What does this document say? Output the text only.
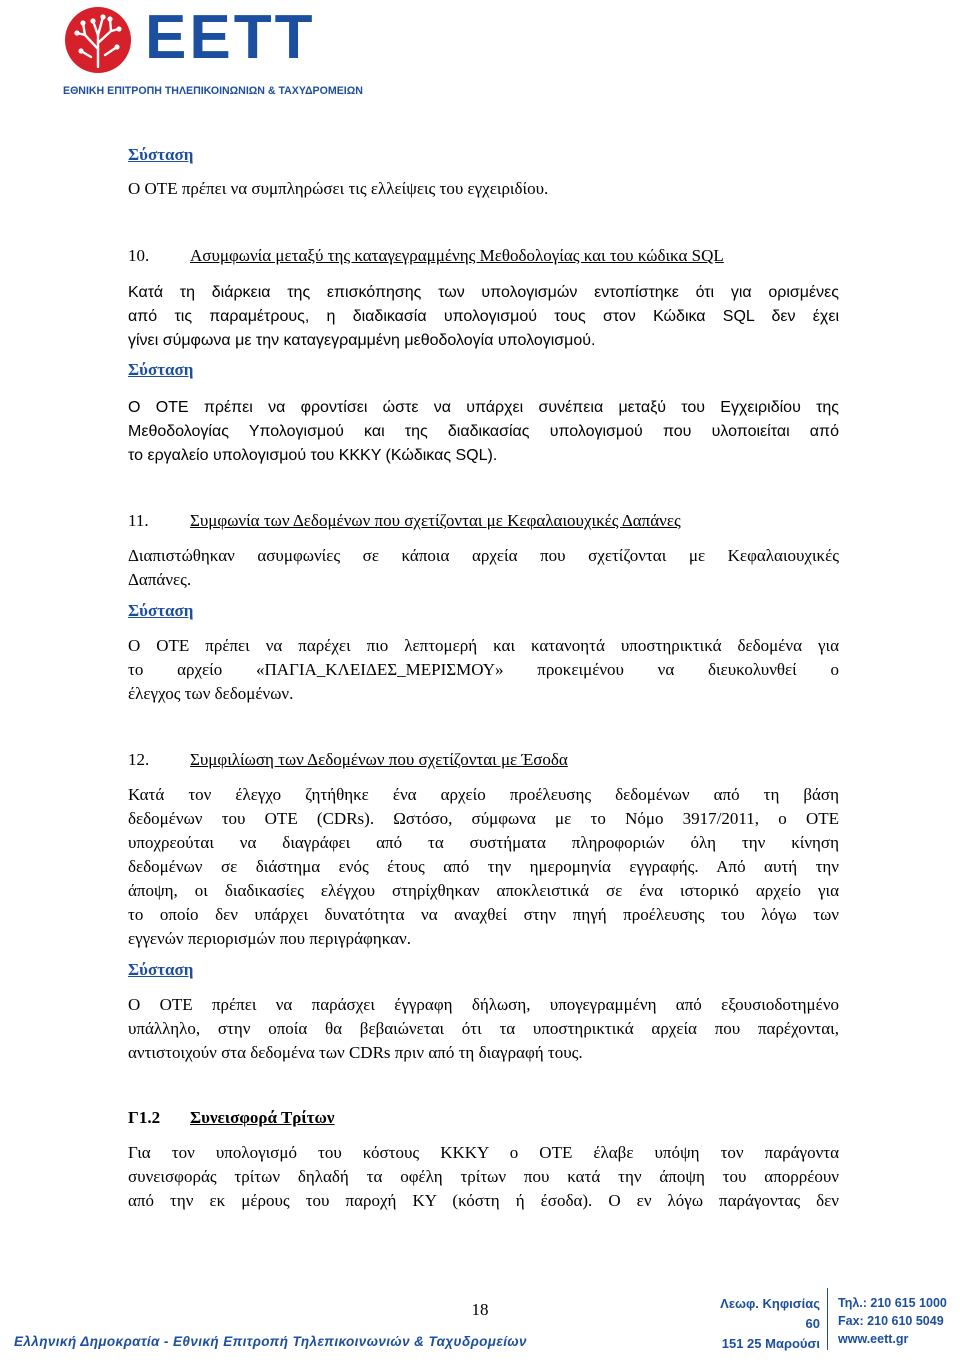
ΕΕΤΤ
ΕΘΝΙΚΗ ΕΠΙΤΡΟΠΗ ΤΗΛΕΠΙΚΟΙΝΩΝΙΩΝ & ΤΑΧΥΔΡΟΜΕΙΩΝ
Σύσταση
Ο ΟΤΕ πρέπει να συμπληρώσει τις ελλείψεις του εγχειριδίου.
10. Ασυμφωνία μεταξύ της καταγεγραμμένης Μεθοδολογίας και του κώδικα SQL
Κατά τη διάρκεια της επισκόπησης των υπολογισμών εντοπίστηκε ότι για ορισμένες
από τις παραμέτρους, η διαδικασία υπολογισμού τους στον Κώδικα SQL δεν έχει
γίνει σύμφωνα με την καταγεγραμμένη μεθοδολογία υπολογισμού.
Σύσταση
Ο ΟΤΕ πρέπει να φροντίσει ώστε να υπάρχει συνέπεια μεταξύ του Εγχειριδίου της
Μεθοδολογίας Υπολογισμού και της διαδικασίας υπολογισμού που υλοποιείται από
το εργαλείο υπολογισμού του ΚΚΚΥ (Κώδικας SQL).
11. Συμφωνία των Δεδομένων που σχετίζονται με Κεφαλαιουχικές Δαπάνες
Διαπιστώθηκαν ασυμφωνίες σε κάποια αρχεία που σχετίζονται με Κεφαλαιουχικές
Δαπάνες.
Σύσταση
Ο ΟΤΕ πρέπει να παρέχει πιο λεπτομερή και κατανοητά υποστηρικτικά δεδομένα για
το αρχείο «ΠΑΓΙΑ_ΚΛΕΙΔΕΣ_ΜΕΡΙΣΜΟΥ» προκειμένου να διευκολυνθεί ο
έλεγχος των δεδομένων.
12. Συμφιλίωση των Δεδομένων που σχετίζονται με Έσοδα
Κατά τον έλεγχο ζητήθηκε ένα αρχείο προέλευσης δεδομένων από τη βάση
δεδομένων του ΟΤΕ (CDRs). Ωστόσο, σύμφωνα με το Νόμο 3917/2011, ο ΟΤΕ
υποχρεούται να διαγράφει από τα συστήματα πληροφοριών όλη την κίνηση
δεδομένων σε διάστημα ενός έτους από την ημερομηνία εγγραφής. Από αυτή την
άποψη, οι διαδικασίες ελέγχου στηρίχθηκαν αποκλειστικά σε ένα ιστορικό αρχείο για
το οποίο δεν υπάρχει δυνατότητα να αναχθεί στην πηγή προέλευσης του λόγω των
εγγενών περιορισμών που περιγράφηκαν.
Σύσταση
Ο ΟΤΕ πρέπει να παράσχει έγγραφη δήλωση, υπογεγραμμένη από εξουσιοδοτημένο
υπάλληλο, στην οποία θα βεβαιώνεται ότι τα υποστηρικτικά αρχεία που παρέχονται,
αντιστοιχούν στα δεδομένα των CDRs πριν από τη διαγραφή τους.
Γ1.2 Συνεισφορά Τρίτων
Για τον υπολογισμό του κόστους ΚΚΚΥ ο ΟΤΕ έλαβε υπόψη τον παράγοντα
συνεισφοράς τρίτων δηλαδή τα οφέλη τρίτων που κατά την άποψη του απορρέουν
από την εκ μέρους του παροχή ΚΥ (κόστη ή έσοδα). Ο εν λόγω παράγοντας δεν
18
Ελληνική Δημοκρατία - Εθνική Επιτροπή Τηλεπικοινωνιών & Ταχυδρομείων
Λεωφ. Κηφισίας 60
151 25 Μαρούσι
Τηλ.: 210 615 1000
Fax: 210 610 5049
www.eett.gr
